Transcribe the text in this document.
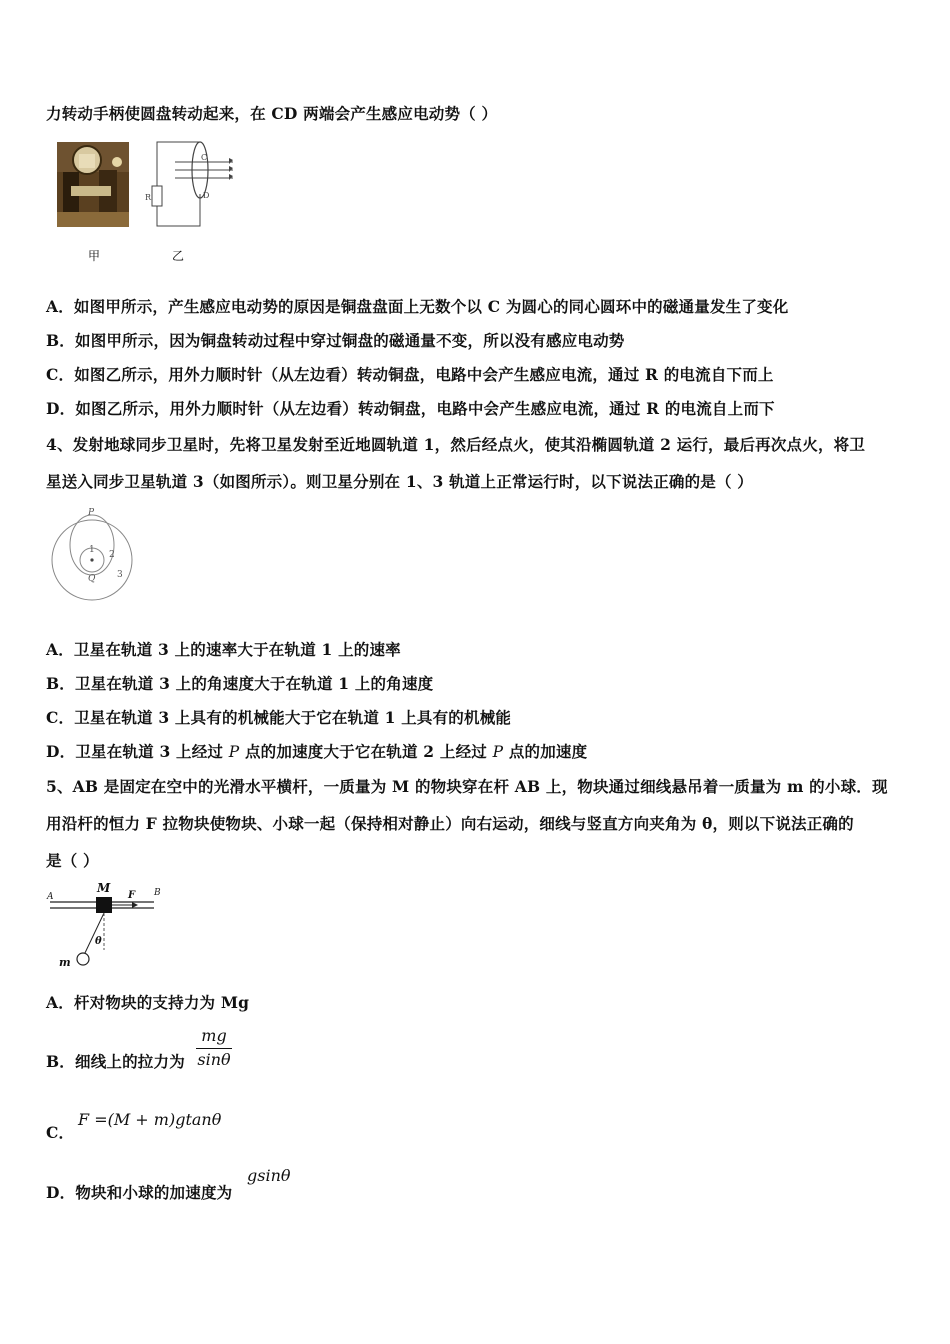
力转动手柄使圆盘转动起来，在 CD 两端会产生感应电动势（ ）
甲
R
C
D
乙
A．如图甲所示，产生感应电动势的原因是铜盘盘面上无数个以 C 为圆心的同心圆环中的磁通量发生了变化
B．如图甲所示，因为铜盘转动过程中穿过铜盘的磁通量不变，所以没有感应电动势
C．如图乙所示，用外力顺时针（从左边看）转动铜盘，电路中会产生感应电流，通过 R 的电流自下而上
D．如图乙所示，用外力顺时针（从左边看）转动铜盘，电路中会产生感应电流，通过 R 的电流自上而下
4、发射地球同步卫星时，先将卫星发射至近地圆轨道 1，然后经点火，使其沿椭圆轨道 2 运行，最后再次点火，将卫
星送入同步卫星轨道 3（如图所示）。则卫星分别在 1、3 轨道上正常运行时，以下说法正确的是（ ）
P
1 2
Q 3
A．卫星在轨道 3 上的速率大于在轨道 1 上的速率
B．卫星在轨道 3 上的角速度大于在轨道 1 上的角速度
C．卫星在轨道 3 上具有的机械能大于它在轨道 1 上具有的机械能
D．卫星在轨道 3 上经过 P 点的加速度大于它在轨道 2 上经过 P 点的加速度
5、AB 是固定在空中的光滑水平横杆，一质量为 M 的物块穿在杆 AB 上，物块通过细线悬吊着一质量为 m 的小球．现
用沿杆的恒力 F 拉物块使物块、小球一起（保持相对静止）向右运动，细线与竖直方向夹角为 θ，则以下说法正确的
是（ ）
A	B
M
F
θ
m
A．杆对物块的支持力为 Mg
B．细线上的拉力为
mg
sinθ
C．
F =(M + m)gtanθ
D．物块和小球的加速度为
gsinθ
